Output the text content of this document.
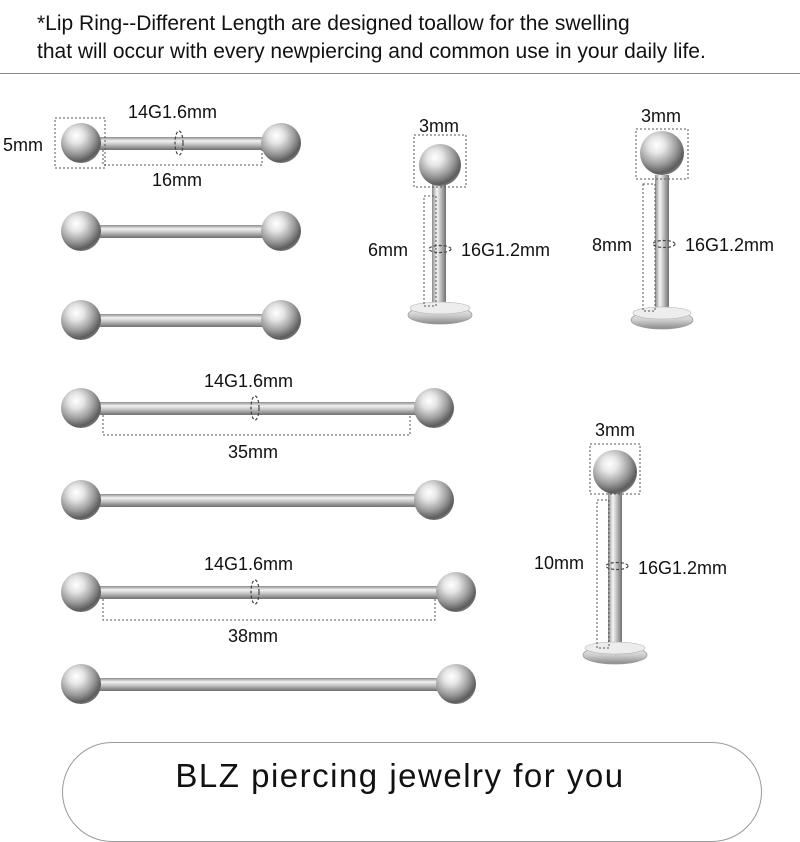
*Lip Ring--Different Length are designed toallow for the swelling
that will occur with every newpiercing and common use in your daily life.
5mm
14G1.6mm
16mm
14G1.6mm
35mm
14G1.6mm
38mm
3mm
6mm	16G1.2mm
3mm
8mm	16G1.2mm
3mm
10mm	16G1.2mm
BLZ piercing jewelry for you
